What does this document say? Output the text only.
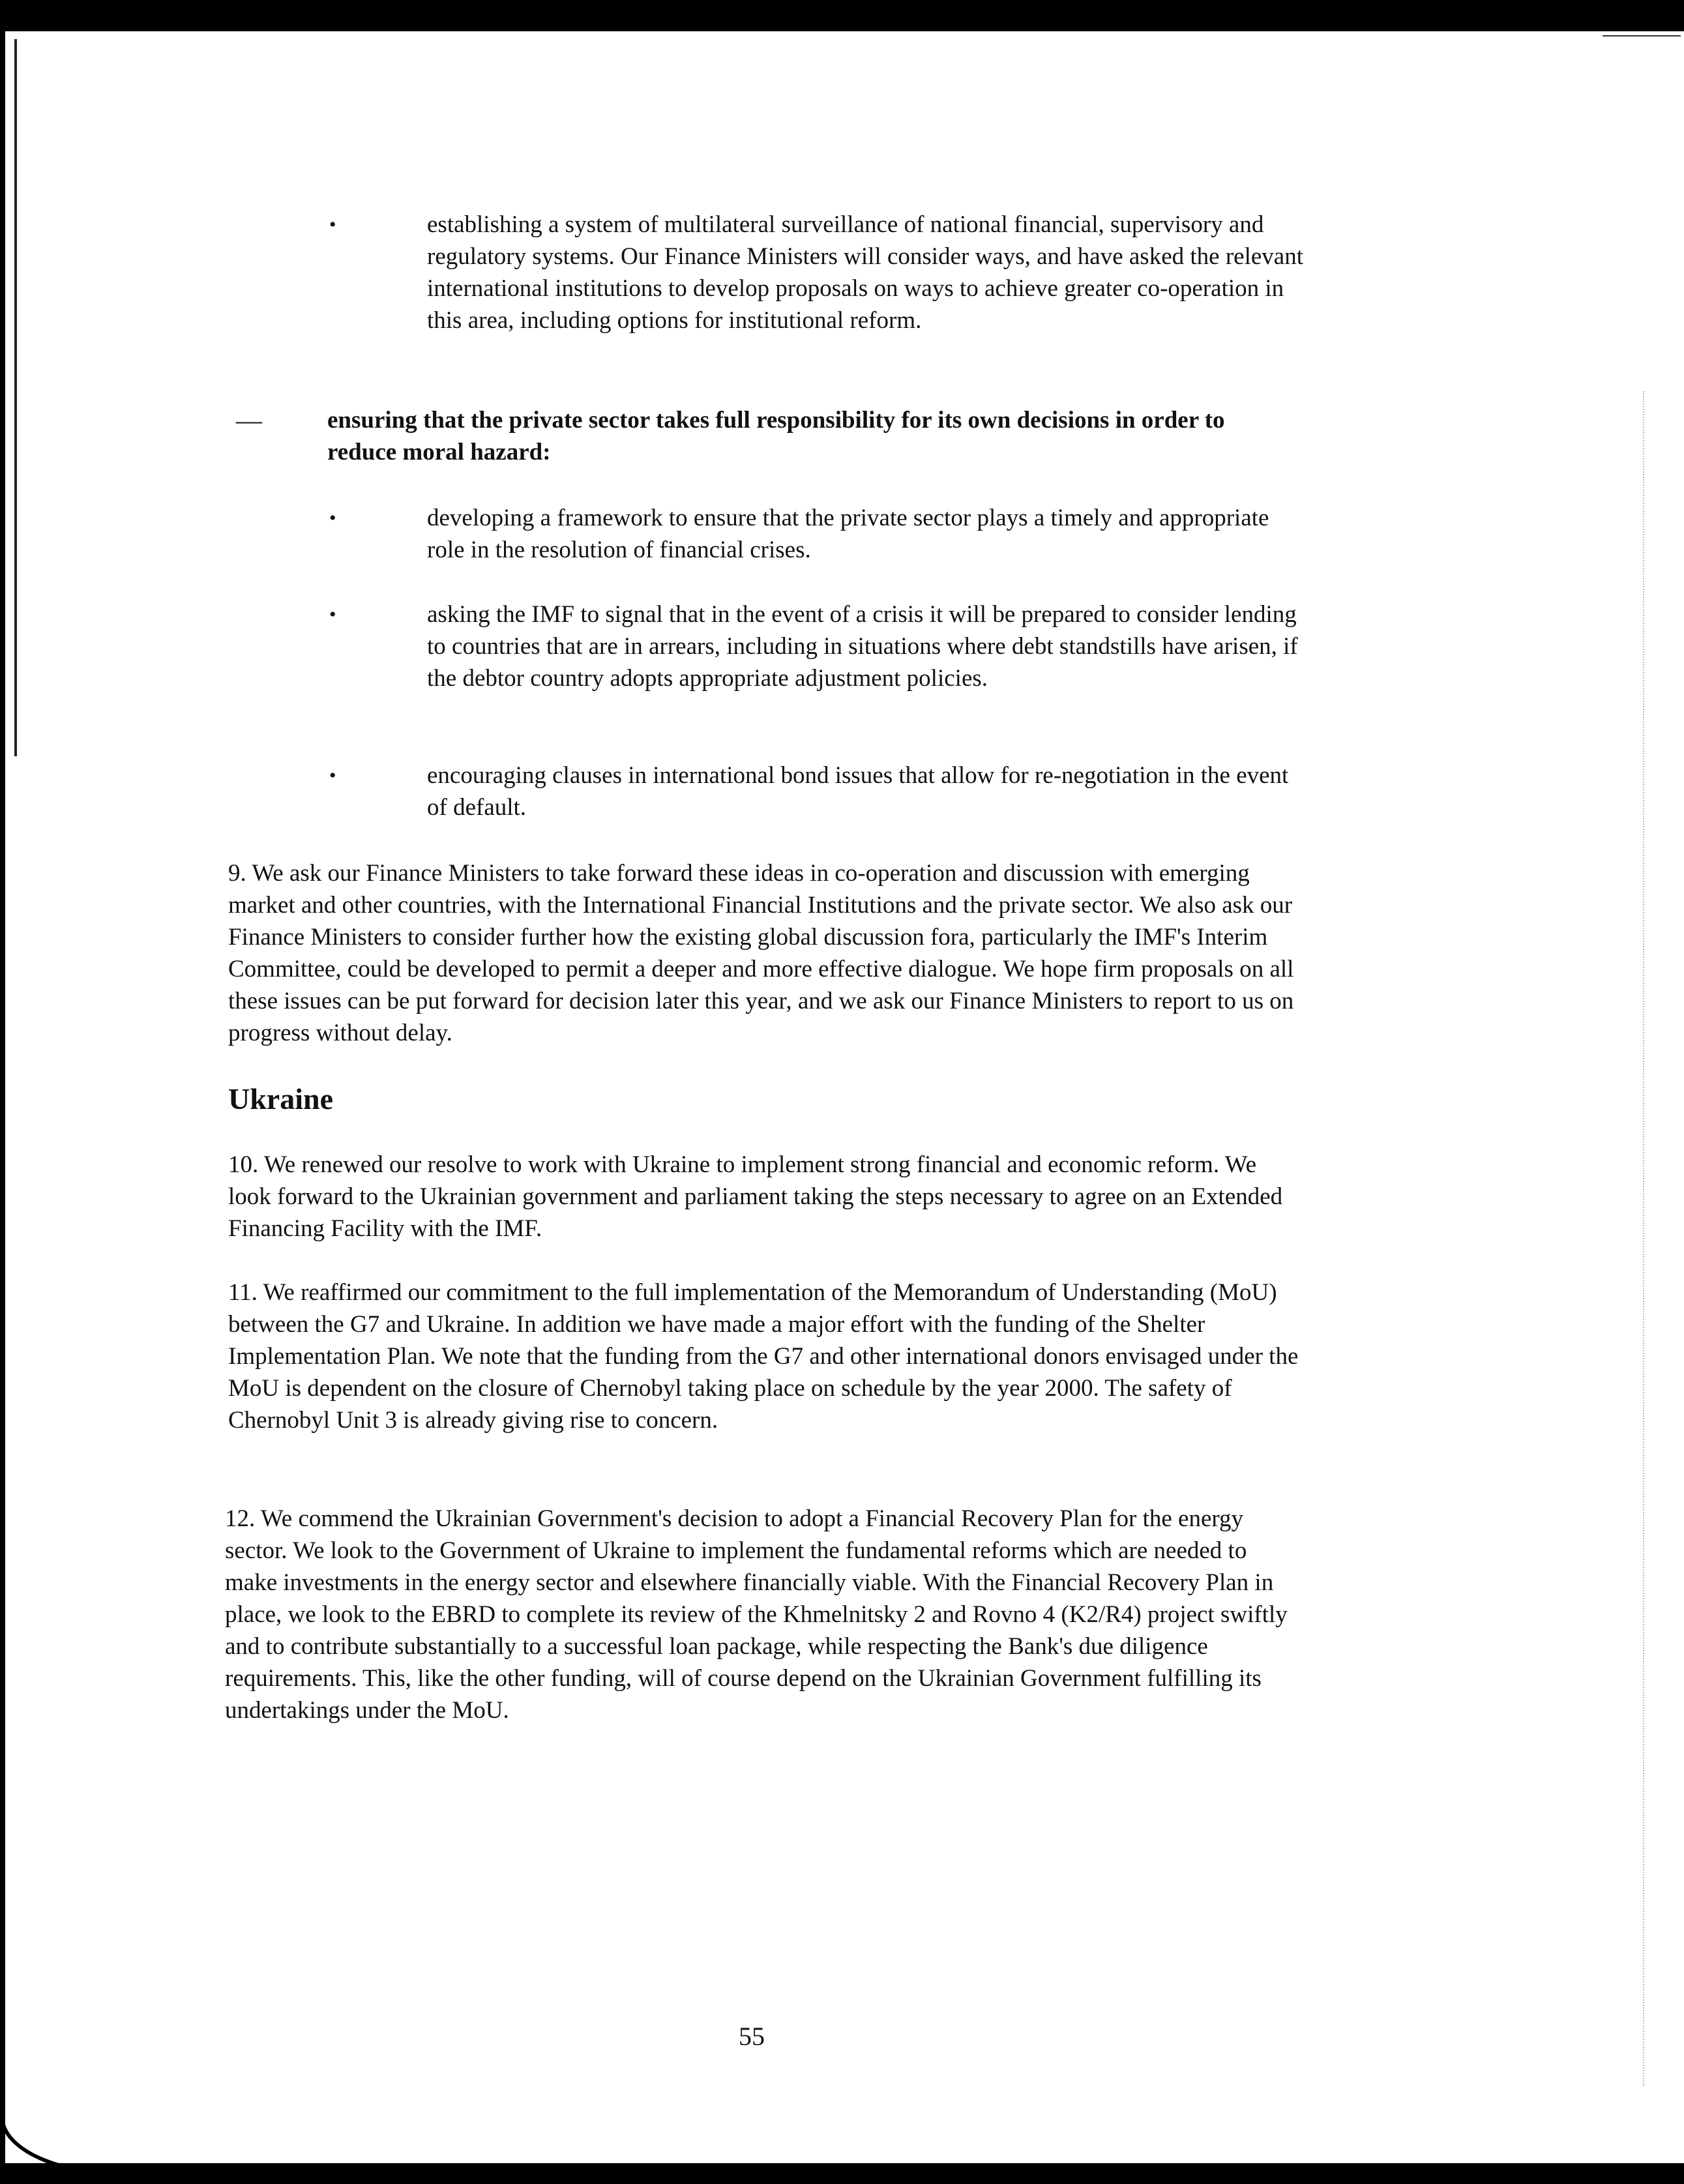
•	establishing a system of multilateral surveillance of national financial, supervisory and regulatory systems. Our Finance Ministers will consider ways, and have asked the relevant international institutions to develop proposals on ways to achieve greater co-operation in this area, including options for institutional reform.

—	ensuring that the private sector takes full responsibility for its own decisions in order to reduce moral hazard:

•	developing a framework to ensure that the private sector plays a timely and appropriate role in the resolution of financial crises.

•	asking the IMF to signal that in the event of a crisis it will be prepared to consider lending to countries that are in arrears, including in situations where debt standstills have arisen, if the debtor country adopts appropriate adjustment policies.

•	encouraging clauses in international bond issues that allow for re-negotiation in the event of default.

9. We ask our Finance Ministers to take forward these ideas in co-operation and discussion with emerging market and other countries, with the International Financial Institutions and the private sector. We also ask our Finance Ministers to consider further how the existing global discussion fora, particularly the IMF's Interim Committee, could be developed to permit a deeper and more effective dialogue. We hope firm proposals on all these issues can be put forward for decision later this year, and we ask our Finance Ministers to report to us on progress without delay.

Ukraine

10. We renewed our resolve to work with Ukraine to implement strong financial and economic reform. We look forward to the Ukrainian government and parliament taking the steps necessary to agree on an Extended Financing Facility with the IMF.

11. We reaffirmed our commitment to the full implementation of the Memorandum of Understanding (MoU) between the G7 and Ukraine. In addition we have made a major effort with the funding of the Shelter Implementation Plan. We note that the funding from the G7 and other international donors envisaged under the MoU is dependent on the closure of Chernobyl taking place on schedule by the year 2000. The safety of Chernobyl Unit 3 is already giving rise to concern.

12. We commend the Ukrainian Government's decision to adopt a Financial Recovery Plan for the energy sector. We look to the Government of Ukraine to implement the fundamental reforms which are needed to make investments in the energy sector and elsewhere financially viable. With the Financial Recovery Plan in place, we look to the EBRD to complete its review of the Khmelnitsky 2 and Rovno 4 (K2/R4) project swiftly and to contribute substantially to a successful loan package, while respecting the Bank's due diligence requirements. This, like the other funding, will of course depend on the Ukrainian Government fulfilling its undertakings under the MoU.

55
